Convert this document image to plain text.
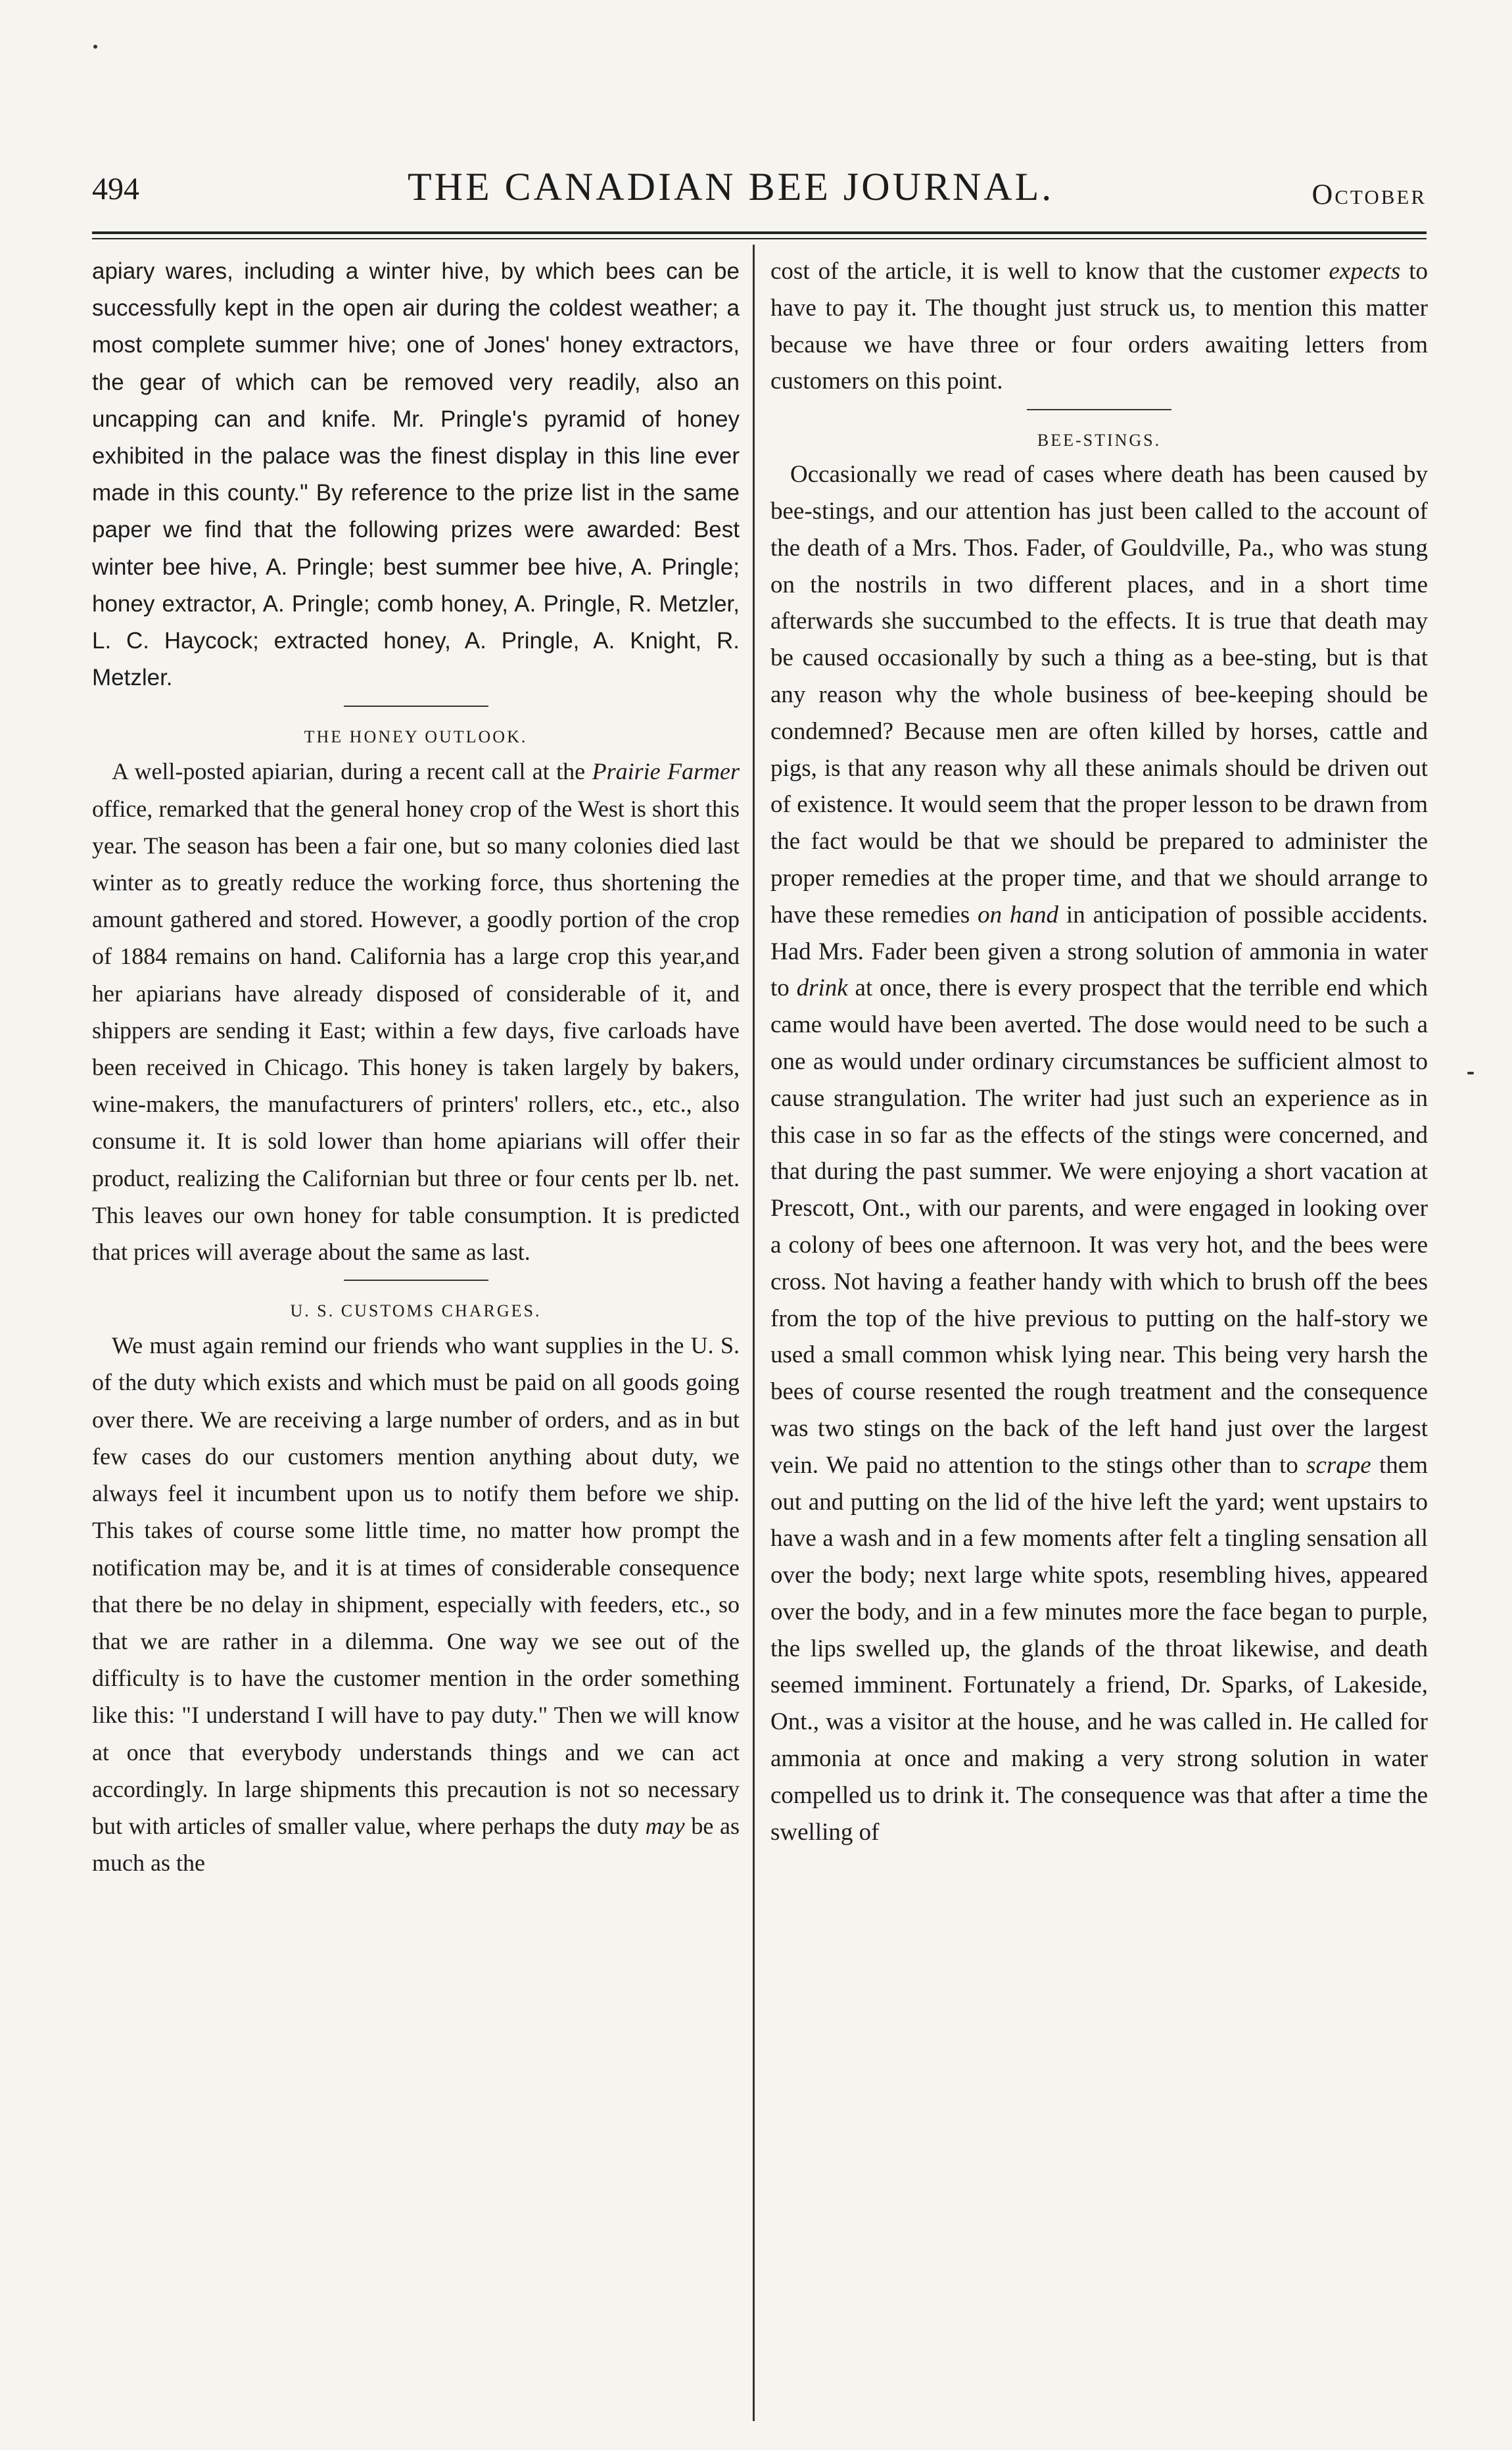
494	THE CANADIAN BEE JOURNAL.	October

apiary wares, including a winter hive, by which bees can be successfully kept in the open air during the coldest weather; a most complete summer hive; one of Jones' honey extractors, the gear of which can be removed very readily, also an uncapping can and knife. Mr. Pringle's pyramid of honey exhibited in the palace was the finest display in this line ever made in this county." By reference to the prize list in the same paper we find that the following prizes were awarded: Best winter bee hive, A. Pringle; best summer bee hive, A. Pringle; honey extractor, A. Pringle; comb honey, A. Pringle, R. Metzler, L. C. Haycock; extracted honey, A. Pringle, A. Knight, R. Metzler.

THE HONEY OUTLOOK.

A well-posted apiarian, during a recent call at the Prairie Farmer office, remarked that the general honey crop of the West is short this year. The season has been a fair one, but so many colonies died last winter as to greatly reduce the working force, thus shortening the amount gathered and stored. However, a goodly portion of the crop of 1884 remains on hand. California has a large crop this year,and her apiarians have already disposed of considerable of it, and shippers are sending it East; within a few days, five carloads have been received in Chicago. This honey is taken largely by bakers, wine-makers, the manufacturers of printers' rollers, etc., etc., also consume it. It is sold lower than home apiarians will offer their product, realizing the Californian but three or four cents per lb. net. This leaves our own honey for table consumption. It is predicted that prices will average about the same as last.

U. S. CUSTOMS CHARGES.

We must again remind our friends who want supplies in the U. S. of the duty which exists and which must be paid on all goods going over there. We are receiving a large number of orders, and as in but few cases do our customers mention anything about duty, we always feel it incumbent upon us to notify them before we ship. This takes of course some little time, no matter how prompt the notification may be, and it is at times of considerable consequence that there be no delay in shipment, especially with feeders, etc., so that we are rather in a dilemma. One way we see out of the difficulty is to have the customer mention in the order something like this: "I understand I will have to pay duty." Then we will know at once that everybody understands things and we can act accordingly. In large shipments this precaution is not so necessary but with articles of smaller value, where perhaps the duty may be as much as the

cost of the article, it is well to know that the customer expects to have to pay it. The thought just struck us, to mention this matter because we have three or four orders awaiting letters from customers on this point.

BEE-STINGS.

Occasionally we read of cases where death has been caused by bee-stings, and our attention has just been called to the account of the death of a Mrs. Thos. Fader, of Gouldville, Pa., who was stung on the nostrils in two different places, and in a short time afterwards she succumbed to the effects. It is true that death may be caused occasionally by such a thing as a bee-sting, but is that any reason why the whole business of bee-keeping should be condemned? Because men are often killed by horses, cattle and pigs, is that any reason why all these animals should be driven out of existence. It would seem that the proper lesson to be drawn from the fact would be that we should be prepared to administer the proper remedies at the proper time, and that we should arrange to have these remedies on hand in anticipation of possible accidents. Had Mrs. Fader been given a strong solution of ammonia in water to drink at once, there is every prospect that the terrible end which came would have been averted. The dose would need to be such a one as would under ordinary circumstances be sufficient almost to cause strangulation. The writer had just such an experience as in this case in so far as the effects of the stings were concerned, and that during the past summer. We were enjoying a short vacation at Prescott, Ont., with our parents, and were engaged in looking over a colony of bees one afternoon. It was very hot, and the bees were cross. Not having a feather handy with which to brush off the bees from the top of the hive previous to putting on the half-story we used a small common whisk lying near. This being very harsh the bees of course resented the rough treatment and the consequence was two stings on the back of the left hand just over the largest vein. We paid no attention to the stings other than to scrape them out and putting on the lid of the hive left the yard; went upstairs to have a wash and in a few moments after felt a tingling sensation all over the body; next large white spots, resembling hives, appeared over the body, and in a few minutes more the face began to purple, the lips swelled up, the glands of the throat likewise, and death seemed imminent. Fortunately a friend, Dr. Sparks, of Lakeside, Ont., was a visitor at the house, and he was called in. He called for ammonia at once and making a very strong solution in water compelled us to drink it. The consequence was that after a time the swelling of
